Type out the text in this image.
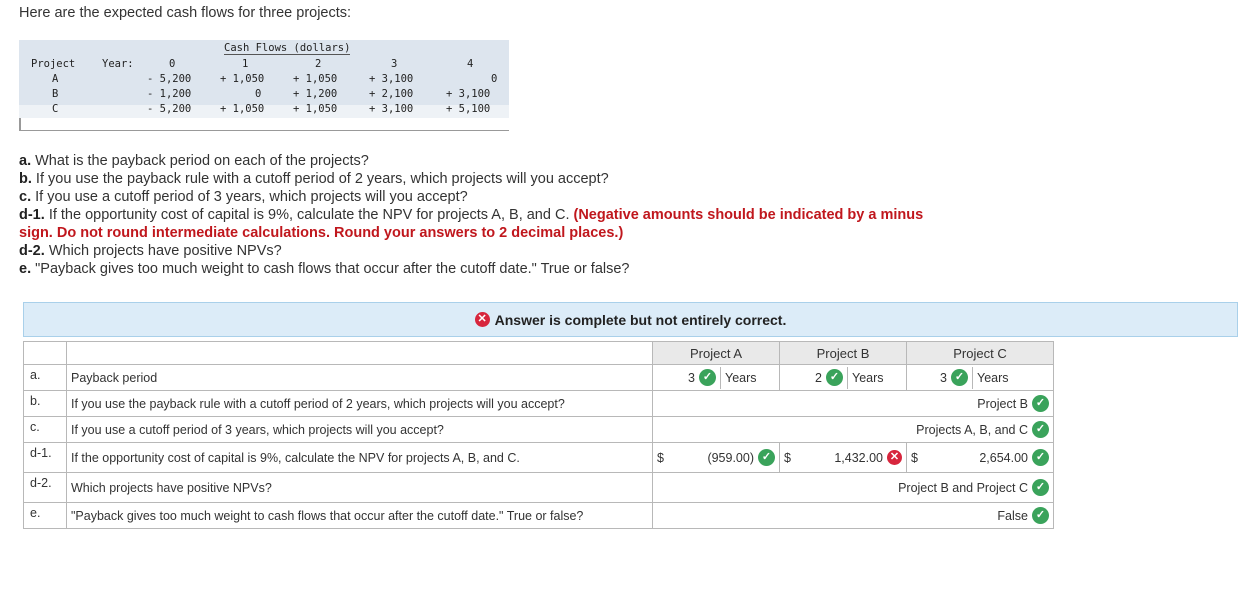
Here are the expected cash flows for three projects:
Cash Flows (dollars)
Project	Year:	0	1	2	3	4
A	- 5,200	+ 1,050	+ 1,050	+ 3,100	0
B	- 1,200	0	+ 1,200	+ 2,100	+ 3,100
C	- 5,200	+ 1,050	+ 1,050	+ 3,100	+ 5,100

a. What is the payback period on each of the projects?

b. If you use the payback rule with a cutoff period of 2 years, which projects will you accept?

c. If you use a cutoff period of 3 years, which projects will you accept?

d-1. If the opportunity cost of capital is 9%, calculate the NPV for projects A, B, and C. (Negative amounts should be indicated by a minus sign. Do not round intermediate calculations. Round your answers to 2 decimal places.)

d-2. Which projects have positive NPVs?

e. "Payback gives too much weight to cash flows that occur after the cutoff date." True or false?

✕ Answer is complete but not entirely correct.
		Project A		Project B		Project C	
a.	Payback period	3 ✓ Years		2 ✓ Years		3 ✓ Years	

b.	If you use the payback rule with a cutoff period of 2 years, which projects will you accept?	Project B ✓					

c.	If you use a cutoff period of 3 years, which projects will you accept?	Projects A, B, and C ✓					

d-1.	If the opportunity cost of capital is 9%, calculate the NPV for projects A, B, and C.	$	(959.00) ✓	$	1,432.00 ✕	$	2,654.00 ✓

d-2.	Which projects have positive NPVs?	Project B and Project C ✓					

e.	"Payback gives too much weight to cash flows that occur after the cutoff date." True or false?	False ✓					
